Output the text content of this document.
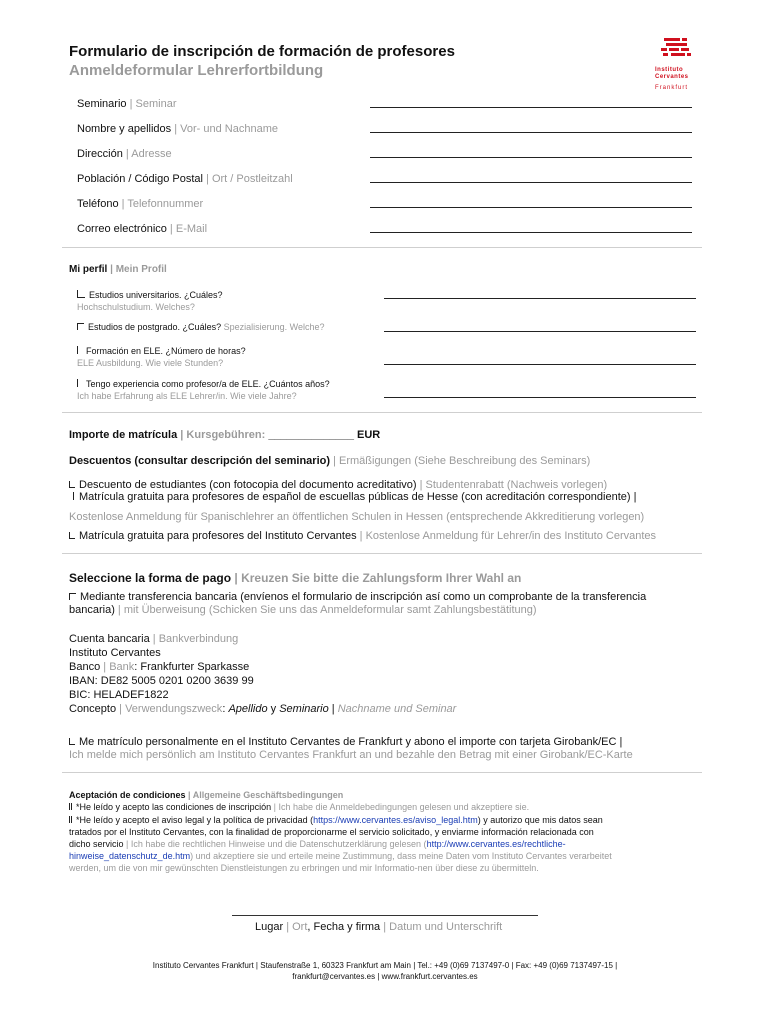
Formulario de inscripción de formación de profesores
Anmeldeformular Lehrerfortbildung	Instituto
Cervantes
Frankfurt
Seminario | Seminar
Nombre y apellidos | Vor- und Nachname
Dirección | Adresse
Población / Código Postal | Ort / Postleitzahl
Teléfono | Telefonnummer
Correo electrónico | E-Mail
Mi perfil | Mein Profil
Estudios universitarios. ¿Cuáles?
Hochschulstudium. Welches?
Estudios de postgrado. ¿Cuáles? Spezialisierung. Welche?
Formación en ELE. ¿Número de horas?
ELE Ausbildung. Wie viele Stunden?
Tengo experiencia como profesor/a de ELE. ¿Cuántos años?
Ich habe Erfahrung als ELE Lehrer/in. Wie viele Jahre?
Importe de matrícula | Kursgebühren: ______________ EUR
Descuentos (consultar descripción del seminario) | Ermäßigungen (Siehe Beschreibung des Seminars)
Descuento de estudiantes (con fotocopia del documento acreditativo) | Studentenrabatt (Nachweis vorlegen)
Matrícula gratuita para profesores de español de escuellas públicas de Hesse (con acreditación correspondiente) |
Kostenlose Anmeldung für Spanischlehrer an öffentlichen Schulen in Hessen (entsprechende Akkreditierung vorlegen)
Matrícula gratuita para profesores del Instituto Cervantes | Kostenlose Anmeldung für Lehrer/in des Instituto Cervantes
Seleccione la forma de pago | Kreuzen Sie bitte die Zahlungsform Ihrer Wahl an
Mediante transferencia bancaria (envíenos el formulario de inscripción así como un comprobante de la transferencia
bancaria) | mit Überweisung (Schicken Sie uns das Anmeldeformular samt Zahlungsbestätitung)
Cuenta bancaria | Bankverbindung
Instituto Cervantes
Banco | Bank: Frankfurter Sparkasse
IBAN: DE82 5005 0201 0200 3639 99
BIC: HELADEF1822
Concepto | Verwendungszweck: Apellido y Seminario | Nachname und Seminar
Me matrículo personalmente en el Instituto Cervantes de Frankfurt y abono el importe con tarjeta Girobank/EC |
Ich melde mich persönlich am Instituto Cervantes Frankfurt an und bezahle den Betrag mit einer Girobank/EC-Karte
Aceptación de condiciones | Allgemeine Geschäftsbedingungen
*He leído y acepto las condiciones de inscripción | Ich habe die Anmeldebedingungen gelesen und akzeptiere sie.
*He leído y acepto el aviso legal y la política de privacidad (https://www.cervantes.es/aviso_legal.htm) y autorizo que mis datos sean
tratados por el Instituto Cervantes, con la finalidad de proporcionarme el servicio solicitado, y enviarme información relacionada con
dicho servicio | Ich habe die rechtlichen Hinweise und die Datenschutzerklärung gelesen (http://www.cervantes.es/rechtliche-
hinweise_datenschutz_de.htm) und akzeptiere sie und erteile meine Zustimmung, dass meine Daten vom Instituto Cervantes verarbeitet
werden, um die von mir gewünschten Dienstleistungen zu erbringen und mir Informatio-nen über diese zu übermitteln.
Lugar | Ort, Fecha y firma | Datum und Unterschrift
Instituto Cervantes Frankfurt | Staufenstraße 1, 60323 Frankfurt am Main | Tel.: +49 (0)69 7137497-0 | Fax: +49 (0)69 7137497-15 |
frankfurt@cervantes.es | www.frankfurt.cervantes.es
